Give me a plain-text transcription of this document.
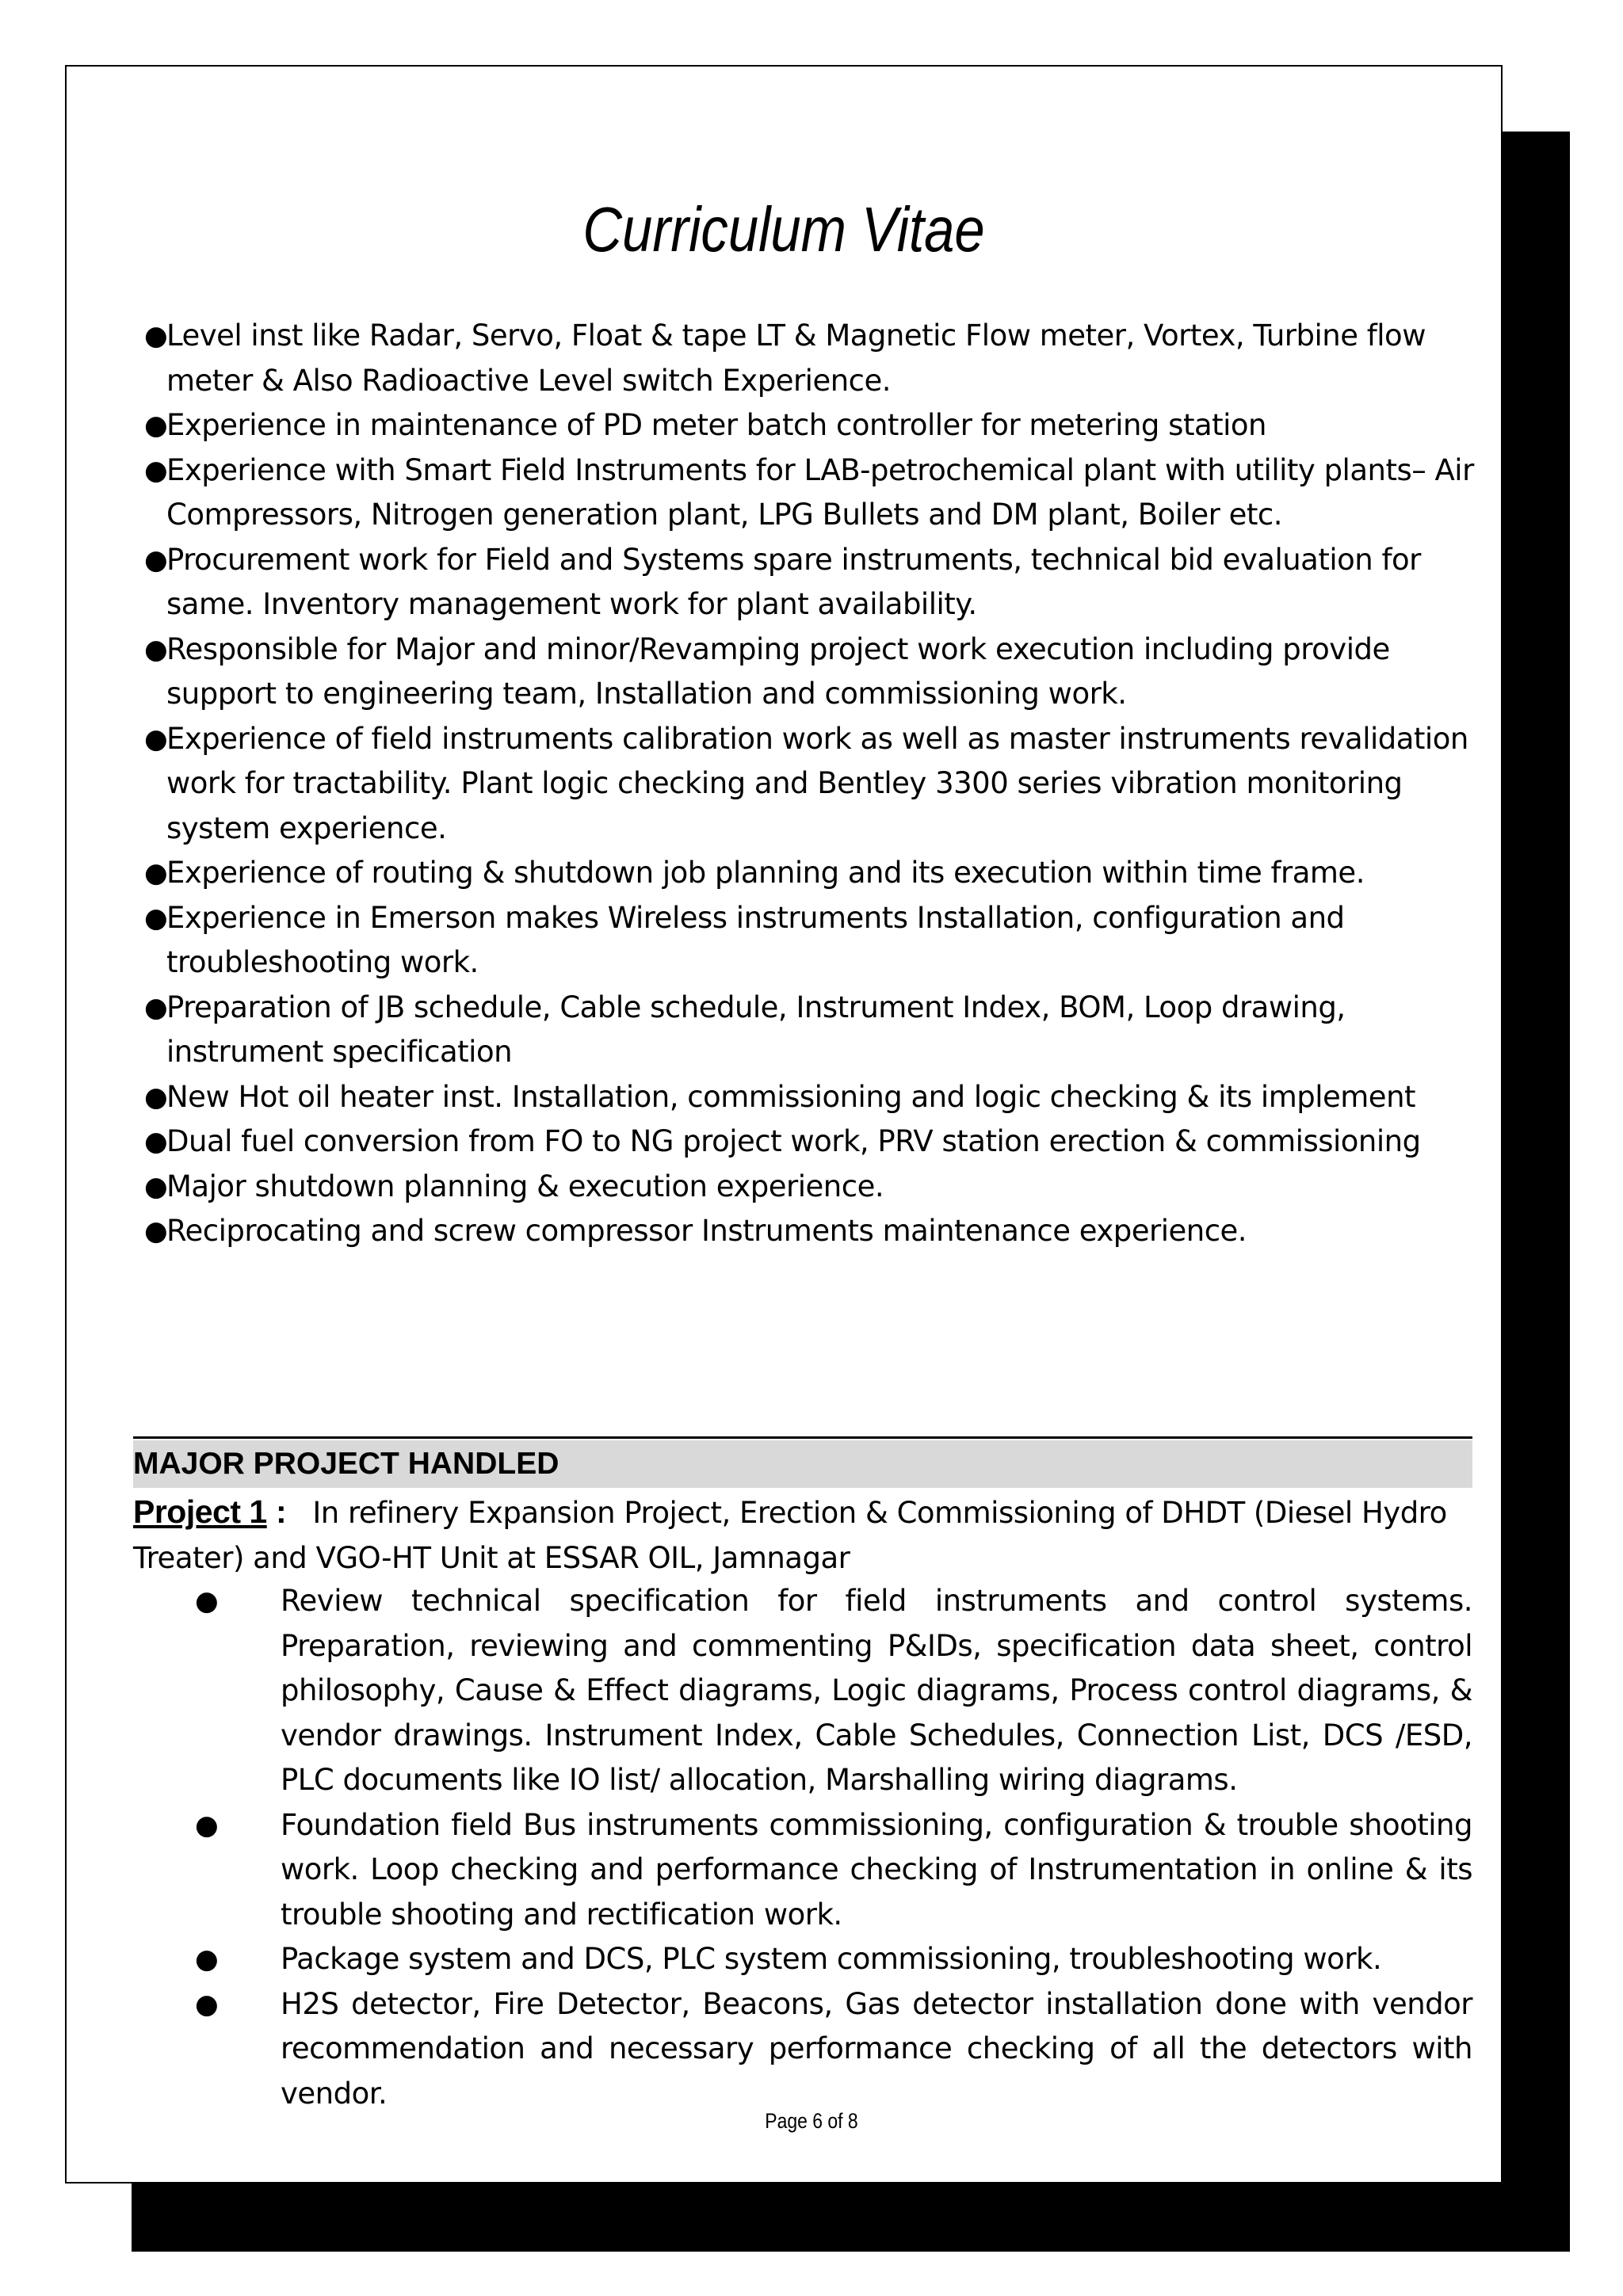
Curriculum Vitae
●
Level inst like Radar, Servo, Float & tape LT & Magnetic Flow meter, Vortex, Turbine flow meter & Also Radioactive Level switch Experience.
●
Experience in maintenance of PD meter batch controller for metering station
●
Experience with Smart Field Instruments for LAB-petrochemical plant with utility plants– Air Compressors, Nitrogen generation plant, LPG Bullets and DM plant, Boiler etc.
●
Procurement work for Field and Systems spare instruments, technical bid evaluation for same. Inventory management work for plant availability.
●
Responsible for Major and minor/Revamping project work execution including provide support to engineering team, Installation and commissioning work.
●
Experience of field instruments calibration work as well as master instruments revalidation work for tractability. Plant logic checking and Bentley 3300 series vibration monitoring system experience.
●
Experience of routing & shutdown job planning and its execution within time frame.
●
Experience in Emerson makes Wireless instruments Installation, configuration and troubleshooting work.
●
Preparation of JB schedule, Cable schedule, Instrument Index, BOM, Loop drawing, instrument specification
●
New Hot oil heater inst. Installation, commissioning and logic checking & its implement
●
Dual fuel conversion from FO to NG project work, PRV station erection & commissioning
●
Major shutdown planning & execution experience.
●
Reciprocating and screw compressor Instruments maintenance experience.
MAJOR PROJECT HANDLED
Project 1 : In refinery Expansion Project, Erection & Commissioning of DHDT (Diesel Hydro Treater) and VGO-HT Unit at ESSAR OIL, Jamnagar
● Review technical specification for field instruments and control systems. Preparation, reviewing and commenting P&IDs, specification data sheet, control philosophy, Cause & Effect diagrams, Logic diagrams, Process control diagrams, & vendor drawings. Instrument Index, Cable Schedules, Connection List, DCS /ESD, PLC documents like IO list/ allocation, Marshalling wiring diagrams.
● Foundation field Bus instruments commissioning, configuration & trouble shooting work. Loop checking and performance checking of Instrumentation in online & its trouble shooting and rectification work.
● Package system and DCS, PLC system commissioning, troubleshooting work.
● H2S detector, Fire Detector, Beacons, Gas detector installation done with vendor recommendation and necessary performance checking of all the detectors with vendor.
Page 6 of 8
